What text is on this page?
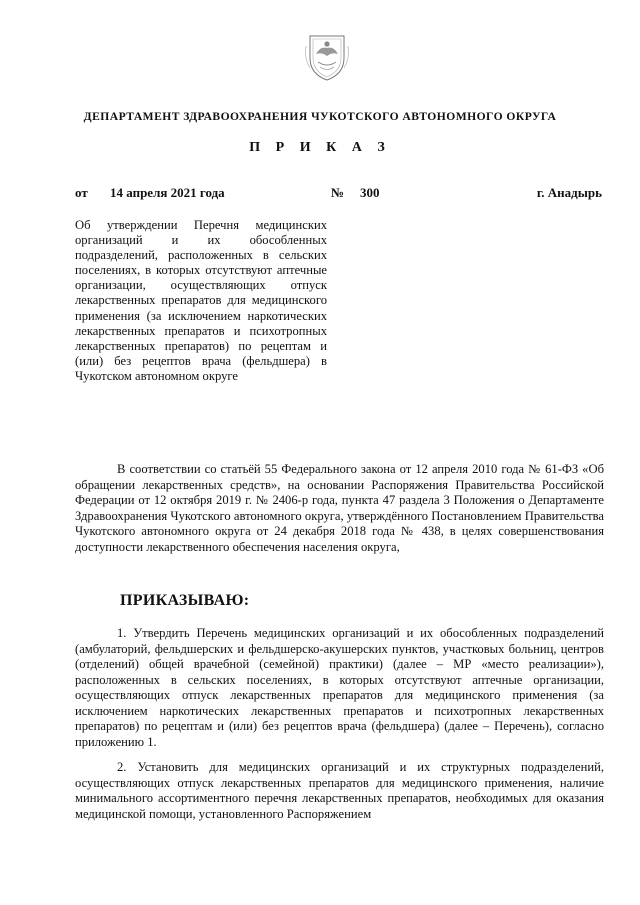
ДЕПАРТАМЕНТ ЗДРАВООХРАНЕНИЯ ЧУКОТСКОГО АВТОНОМНОГО ОКРУГА
П Р И К А З
от 14 апреля 2021 года	№ 300	г. Анадырь
Об утверждении Перечня медицинских организаций и их обособленных подразделений, расположенных в сельских поселениях, в которых отсутствуют аптечные организации, осуществляющих отпуск лекарственных препаратов для медицинского применения (за исключением наркотических лекарственных препаратов и психотропных лекарственных препаратов) по рецептам и (или) без рецептов врача (фельдшера) в Чукотском автономном округе

В соответствии со статьёй 55 Федерального закона от 12 апреля 2010 года № 61-ФЗ «Об обращении лекарственных средств», на основании Распоряжения Правительства Российской Федерации от 12 октября 2019 г. № 2406-р года, пункта 47 раздела 3 Положения о Департаменте Здравоохранения Чукотского автономного округа, утверждённого Постановлением Правительства Чукотского автономного округа от 24 декабря 2018 года № 438, в целях совершенствования доступности лекарственного обеспечения населения округа,

ПРИКАЗЫВАЮ:

1. Утвердить Перечень медицинских организаций и их обособленных подразделений (амбулаторий, фельдшерских и фельдшерско-акушерских пунктов, участковых больниц, центров (отделений) общей врачебной (семейной) практики) (далее – МР «место реализации»), расположенных в сельских поселениях, в которых отсутствуют аптечные организации, осуществляющих отпуск лекарственных препаратов для медицинского применения (за исключением наркотических лекарственных препаратов и психотропных лекарственных препаратов) по рецептам и (или) без рецептов врача (фельдшера) (далее – Перечень), согласно приложению 1.

2. Установить для медицинских организаций и их структурных подразделений, осуществляющих отпуск лекарственных препаратов для медицинского применения, наличие минимального ассортиментного перечня лекарственных препаратов, необходимых для оказания медицинской помощи, установленного Распоряжением
